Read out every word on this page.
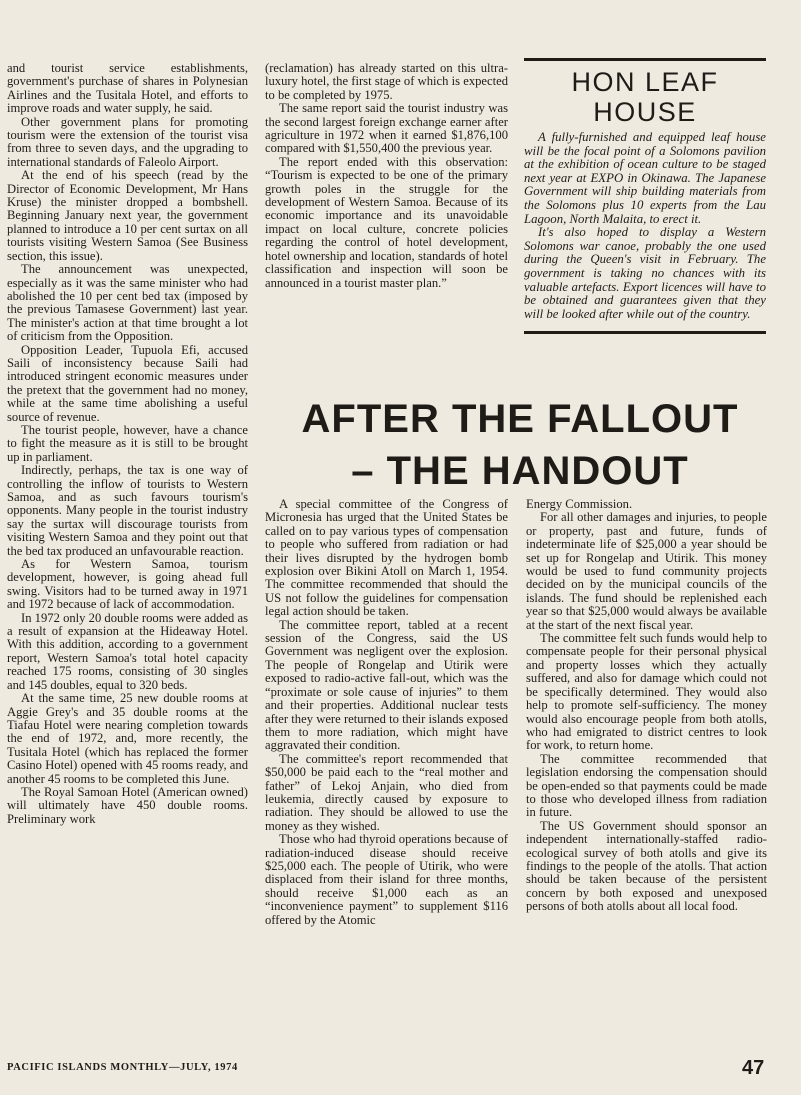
and tourist service establishments, government's purchase of shares in Polynesian Airlines and the Tusitala Hotel, and efforts to improve roads and water supply, he said.

Other government plans for promoting tourism were the extension of the tourist visa from three to seven days, and the upgrading to international standards of Faleolo Airport.

At the end of his speech (read by the Director of Economic Development, Mr Hans Kruse) the minister dropped a bombshell. Beginning January next year, the government planned to introduce a 10 per cent surtax on all tourists visiting Western Samoa (See Business section, this issue).

The announcement was unexpected, especially as it was the same minister who had abolished the 10 per cent bed tax (imposed by the previous Tamasese Government) last year. The minister's action at that time brought a lot of criticism from the Opposition.

Opposition Leader, Tupuola Efi, accused Saili of inconsistency because Saili had introduced stringent economic measures under the pretext that the government had no money, while at the same time abolishing a useful source of revenue.

The tourist people, however, have a chance to fight the measure as it is still to be brought up in parliament.

Indirectly, perhaps, the tax is one way of controlling the inflow of tourists to Western Samoa, and as such favours tourism's opponents. Many people in the tourist industry say the surtax will discourage tourists from visiting Western Samoa and they point out that the bed tax produced an unfavourable reaction.

As for Western Samoa, tourism development, however, is going ahead full swing. Visitors had to be turned away in 1971 and 1972 because of lack of accommodation.

In 1972 only 20 double rooms were added as a result of expansion at the Hideaway Hotel. With this addition, according to a government report, Western Samoa's total hotel capacity reached 175 rooms, consisting of 30 singles and 145 doubles, equal to 320 beds.

At the same time, 25 new double rooms at Aggie Grey's and 35 double rooms at the Tiafau Hotel were nearing completion towards the end of 1972, and, more recently, the Tusitala Hotel (which has replaced the former Casino Hotel) opened with 45 rooms ready, and another 45 rooms to be completed this June.

The Royal Samoan Hotel (American owned) will ultimately have 450 double rooms. Preliminary work

(reclamation) has already started on this ultra-luxury hotel, the first stage of which is expected to be completed by 1975.

The same report said the tourist industry was the second largest foreign exchange earner after agriculture in 1972 when it earned $1,876,100 compared with $1,550,400 the previous year.

The report ended with this observation: “Tourism is expected to be one of the primary growth poles in the struggle for the development of Western Samoa. Because of its economic importance and its unavoidable impact on local culture, concrete policies regarding the control of hotel development, hotel ownership and location, standards of hotel classification and inspection will soon be announced in a tourist master plan.”

HON LEAF HOUSE

A fully-furnished and equipped leaf house will be the focal point of a Solomons pavilion at the exhibition of ocean culture to be staged next year at EXPO in Okinawa. The Japanese Government will ship building materials from the Solomons plus 10 experts from the Lau Lagoon, North Malaita, to erect it.

It's also hoped to display a Western Solomons war canoe, probably the one used during the Queen's visit in February. The government is taking no chances with its valuable artefacts. Export licences will have to be obtained and guarantees given that they will be looked after while out of the country.

AFTER THE FALLOUT
– THE HANDOUT

A special committee of the Congress of Micronesia has urged that the United States be called on to pay various types of compensation to people who suffered from radiation or had their lives disrupted by the hydrogen bomb explosion over Bikini Atoll on March 1, 1954. The committee recommended that should the US not follow the guidelines for compensation legal action should be taken.

The committee report, tabled at a recent session of the Congress, said the US Government was negligent over the explosion. The people of Rongelap and Utirik were exposed to radio-active fall-out, which was the “proximate or sole cause of injuries” to them and their properties. Additional nuclear tests after they were returned to their islands exposed them to more radiation, which might have aggravated their condition.

The committee's report recommended that $50,000 be paid each to the “real mother and father” of Lekoj Anjain, who died from leukemia, directly caused by exposure to radiation. They should be allowed to use the money as they wished.

Those who had thyroid operations because of radiation-induced disease should receive $25,000 each. The people of Utirik, who were displaced from their island for three months, should receive $1,000 each as an “inconvenience payment” to supplement $116 offered by the Atomic

Energy Commission.

For all other damages and injuries, to people or property, past and future, funds of indeterminate life of $25,000 a year should be set up for Rongelap and Utirik. This money would be used to fund community projects decided on by the municipal councils of the islands. The fund should be replenished each year so that $25,000 would always be available at the start of the next fiscal year.

The committee felt such funds would help to compensate people for their personal physical and property losses which they actually suffered, and also for damage which could not be specifically determined. They would also help to promote self-sufficiency. The money would also encourage people from both atolls, who had emigrated to district centres to look for work, to return home.

The committee recommended that legislation endorsing the compensation should be open-ended so that payments could be made to those who developed illness from radiation in future.

The US Government should sponsor an independent internationally-staffed radio-ecological survey of both atolls and give its findings to the people of the atolls. That action should be taken because of the persistent concern by both exposed and unexposed persons of both atolls about all local food.

PACIFIC ISLANDS MONTHLY—JULY, 1974	47
